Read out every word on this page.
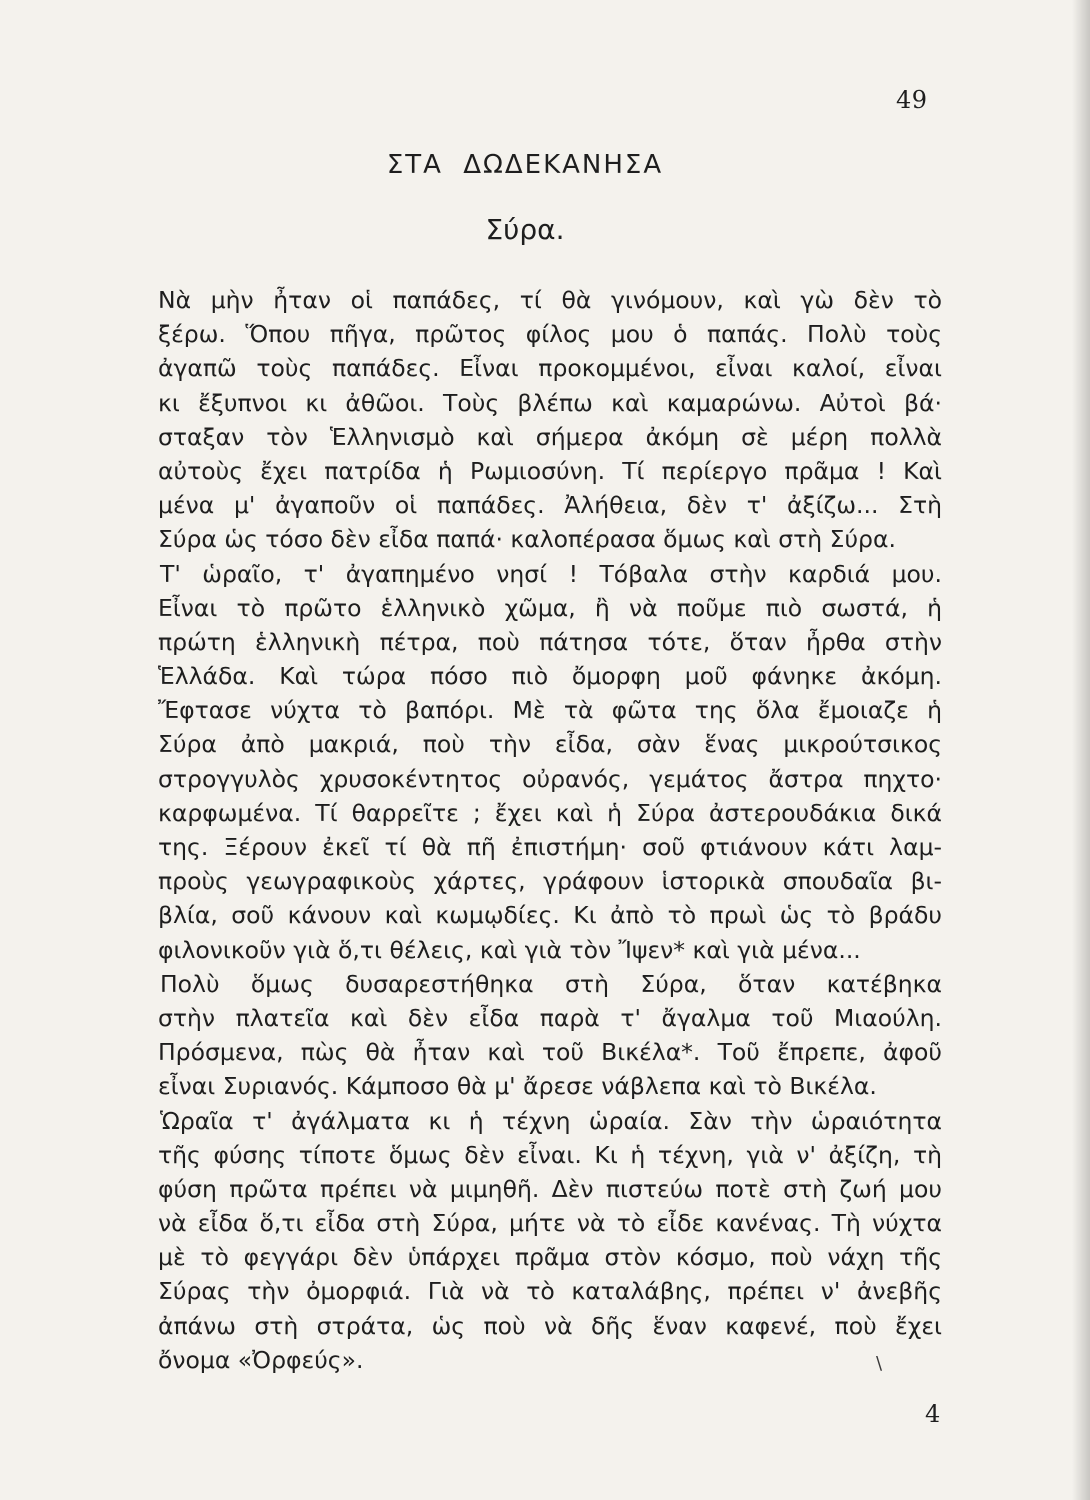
49
ΣΤΑ ΔΩΔΕΚΑΝΗΣΑ
Σύρα.
Νὰ μὴν ἦταν οἱ παπάδες, τί θὰ γινόμουν, καὶ γὼ δὲν τὸ
ξέρω. Ὅπου πῆγα, πρῶτος φίλος μου ὁ παπάς. Πολὺ τοὺς
ἀγαπῶ τοὺς παπάδες. Εἶναι προκομμένοι, εἶναι καλοί, εἶναι
κι ἔξυπνοι κι ἀθῶοι. Τοὺς βλέπω καὶ καμαρώνω. Αὐτοὶ βά·
σταξαν τὸν Ἑλληνισμὸ καὶ σήμερα ἀκόμη σὲ μέρη πολλὰ
αὐτοὺς ἔχει πατρίδα ἡ Ρωμιοσύνη. Τί περίεργο πρᾶμα ! Καὶ
μένα μ' ἀγαποῦν οἱ παπάδες. Ἀλήθεια, δὲν τ' ἀξίζω... Στὴ
Σύρα ὡς τόσο δὲν εἶδα παπά· καλοπέρασα ὅμως καὶ στὴ Σύρα.
Τ' ὡραῖο, τ' ἀγαπημένο νησί ! Τόβαλα στὴν καρδιά μου.
Εἶναι τὸ πρῶτο ἑλληνικὸ χῶμα, ἢ νὰ ποῦμε πιὸ σωστά, ἡ
πρώτη ἑλληνικὴ πέτρα, ποὺ πάτησα τότε, ὅταν ἦρθα στὴν
Ἑλλάδα. Καὶ τώρα πόσο πιὸ ὄμορφη μοῦ φάνηκε ἀκόμη.
Ἔφτασε νύχτα τὸ βαπόρι. Μὲ τὰ φῶτα της ὅλα ἔμοιαζε ἡ
Σύρα ἀπὸ μακριά, ποὺ τὴν εἶδα, σὰν ἕνας μικρούτσικος
στρογγυλὸς χρυσοκέντητος οὐρανός, γεμάτος ἄστρα πηχτο·
καρφωμένα. Τί θαρρεῖτε ; ἔχει καὶ ἡ Σύρα ἀστερουδάκια δικά
της. Ξέρουν ἐκεῖ τί θὰ πῆ ἐπιστήμη· σοῦ φτιάνουν κάτι λαμ-
προὺς γεωγραφικοὺς χάρτες, γράφουν ἱστορικὰ σπουδαῖα βι-
βλία, σοῦ κάνουν καὶ κωμῳδίες. Κι ἀπὸ τὸ πρωὶ ὡς τὸ βράδυ
φιλονικοῦν γιὰ ὅ,τι θέλεις, καὶ γιὰ τὸν Ἴψεν* καὶ γιὰ μένα...
Πολὺ ὅμως δυσαρεστήθηκα στὴ Σύρα, ὅταν κατέβηκα
στὴν πλατεῖα καὶ δὲν εἶδα παρὰ τ' ἄγαλμα τοῦ Μιαούλη.
Πρόσμενα, πὼς θὰ ἦταν καὶ τοῦ Βικέλα*. Τοῦ ἔπρεπε, ἀφοῦ
εἶναι Συριανός. Κάμποσο θὰ μ' ἄρεσε νάβλεπα καὶ τὸ Βικέλα.
Ὡραῖα τ' ἀγάλματα κι ἡ τέχνη ὡραία. Σὰν τὴν ὡραιότητα
τῆς φύσης τίποτε ὅμως δὲν εἶναι. Κι ἡ τέχνη, γιὰ ν' ἀξίζη, τὴ
φύση πρῶτα πρέπει νὰ μιμηθῆ. Δὲν πιστεύω ποτὲ στὴ ζωή μου
νὰ εἶδα ὅ,τι εἶδα στὴ Σύρα, μήτε νὰ τὸ εἶδε κανένας. Τὴ νύχτα
μὲ τὸ φεγγάρι δὲν ὑπάρχει πρᾶμα στὸν κόσμο, ποὺ νάχη τῆς
Σύρας τὴν ὀμορφιά. Γιὰ νὰ τὸ καταλάβης, πρέπει ν' ἀνεβῆς
ἀπάνω στὴ στράτα, ὡς ποὺ νὰ δῆς ἕναν καφενέ, ποὺ ἔχει
ὄνομα «Ὀρφεύς».	\
4
